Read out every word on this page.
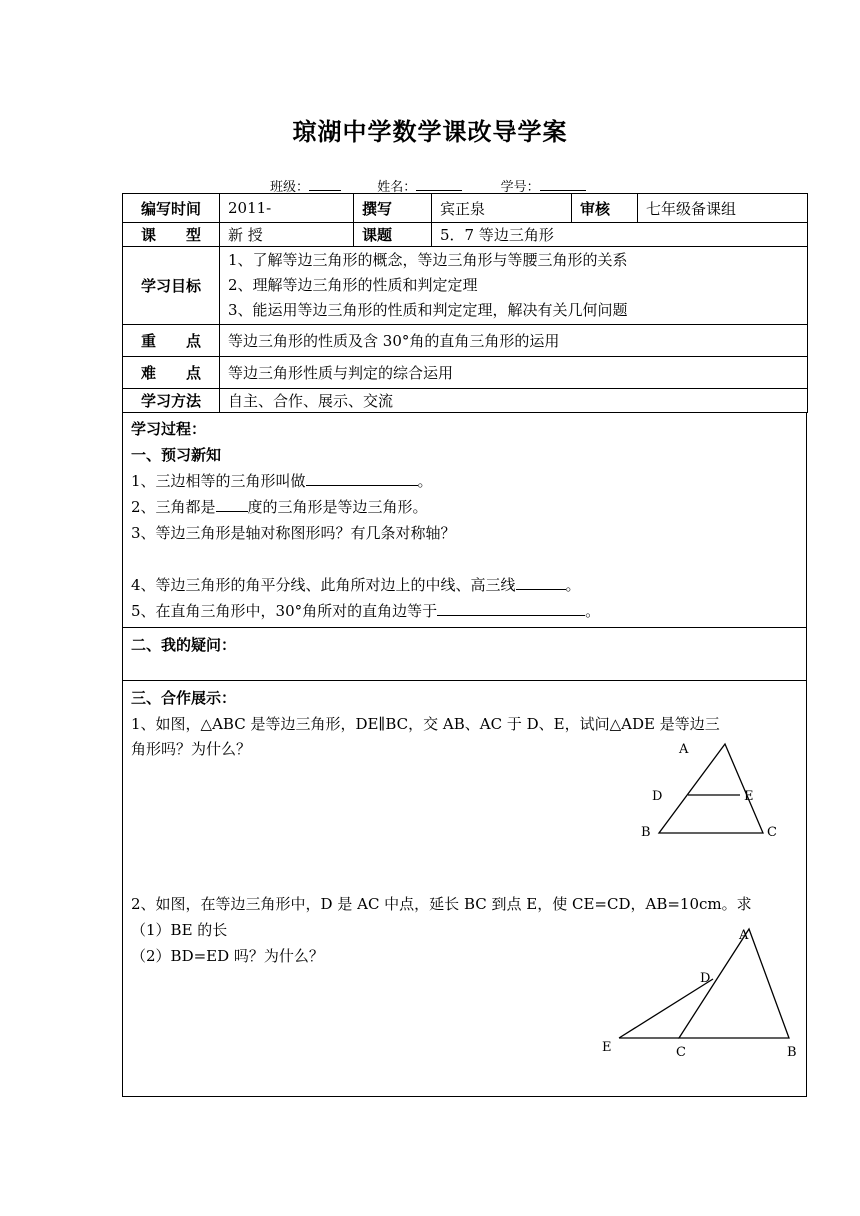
琼湖中学数学课改导学案
班级：	姓名：	学号：
编写时间	2011-	撰写	宾正泉	审核	七年级备课组
课　　型	新 授	课题	5．7 等边三角形		
学习目标	1、了解等边三角形的概念，等边三角形与等腰三角形的关系
2、理解等边三角形的性质和判定定理
3、能运用等边三角形的性质和判定定理，解决有关几何问题				

重　　点	等边三角形的性质及含 30°角的直角三角形的运用				
难　　点	等边三角形性质与判定的综合运用				
学习方法	自主、合作、展示、交流				
学习过程：
一、预习新知
1、三边相等的三角形叫做	。
2、三角都是 度的三角形是等边三角形。
3、等边三角形是轴对称图形吗？有几条对称轴？
4、等边三角形的角平分线、此角所对边上的中线、高三线	。
5、在直角三角形中，30°角所对的直角边等于	。
二、我的疑问：
三、合作展示：
1、如图，△ABC 是等边三角形，DE∥BC，交 AB、AC 于 D、E，试问△ADE 是等边三
角形吗？为什么？	A
D	E
B	C
2、如图，在等边三角形中，D 是 AC 中点，延长 BC 到点 E，使 CE=CD，AB=10cm。求
（1）BE 的长
（2）BD=ED 吗？为什么？
A
D
E	C	B
